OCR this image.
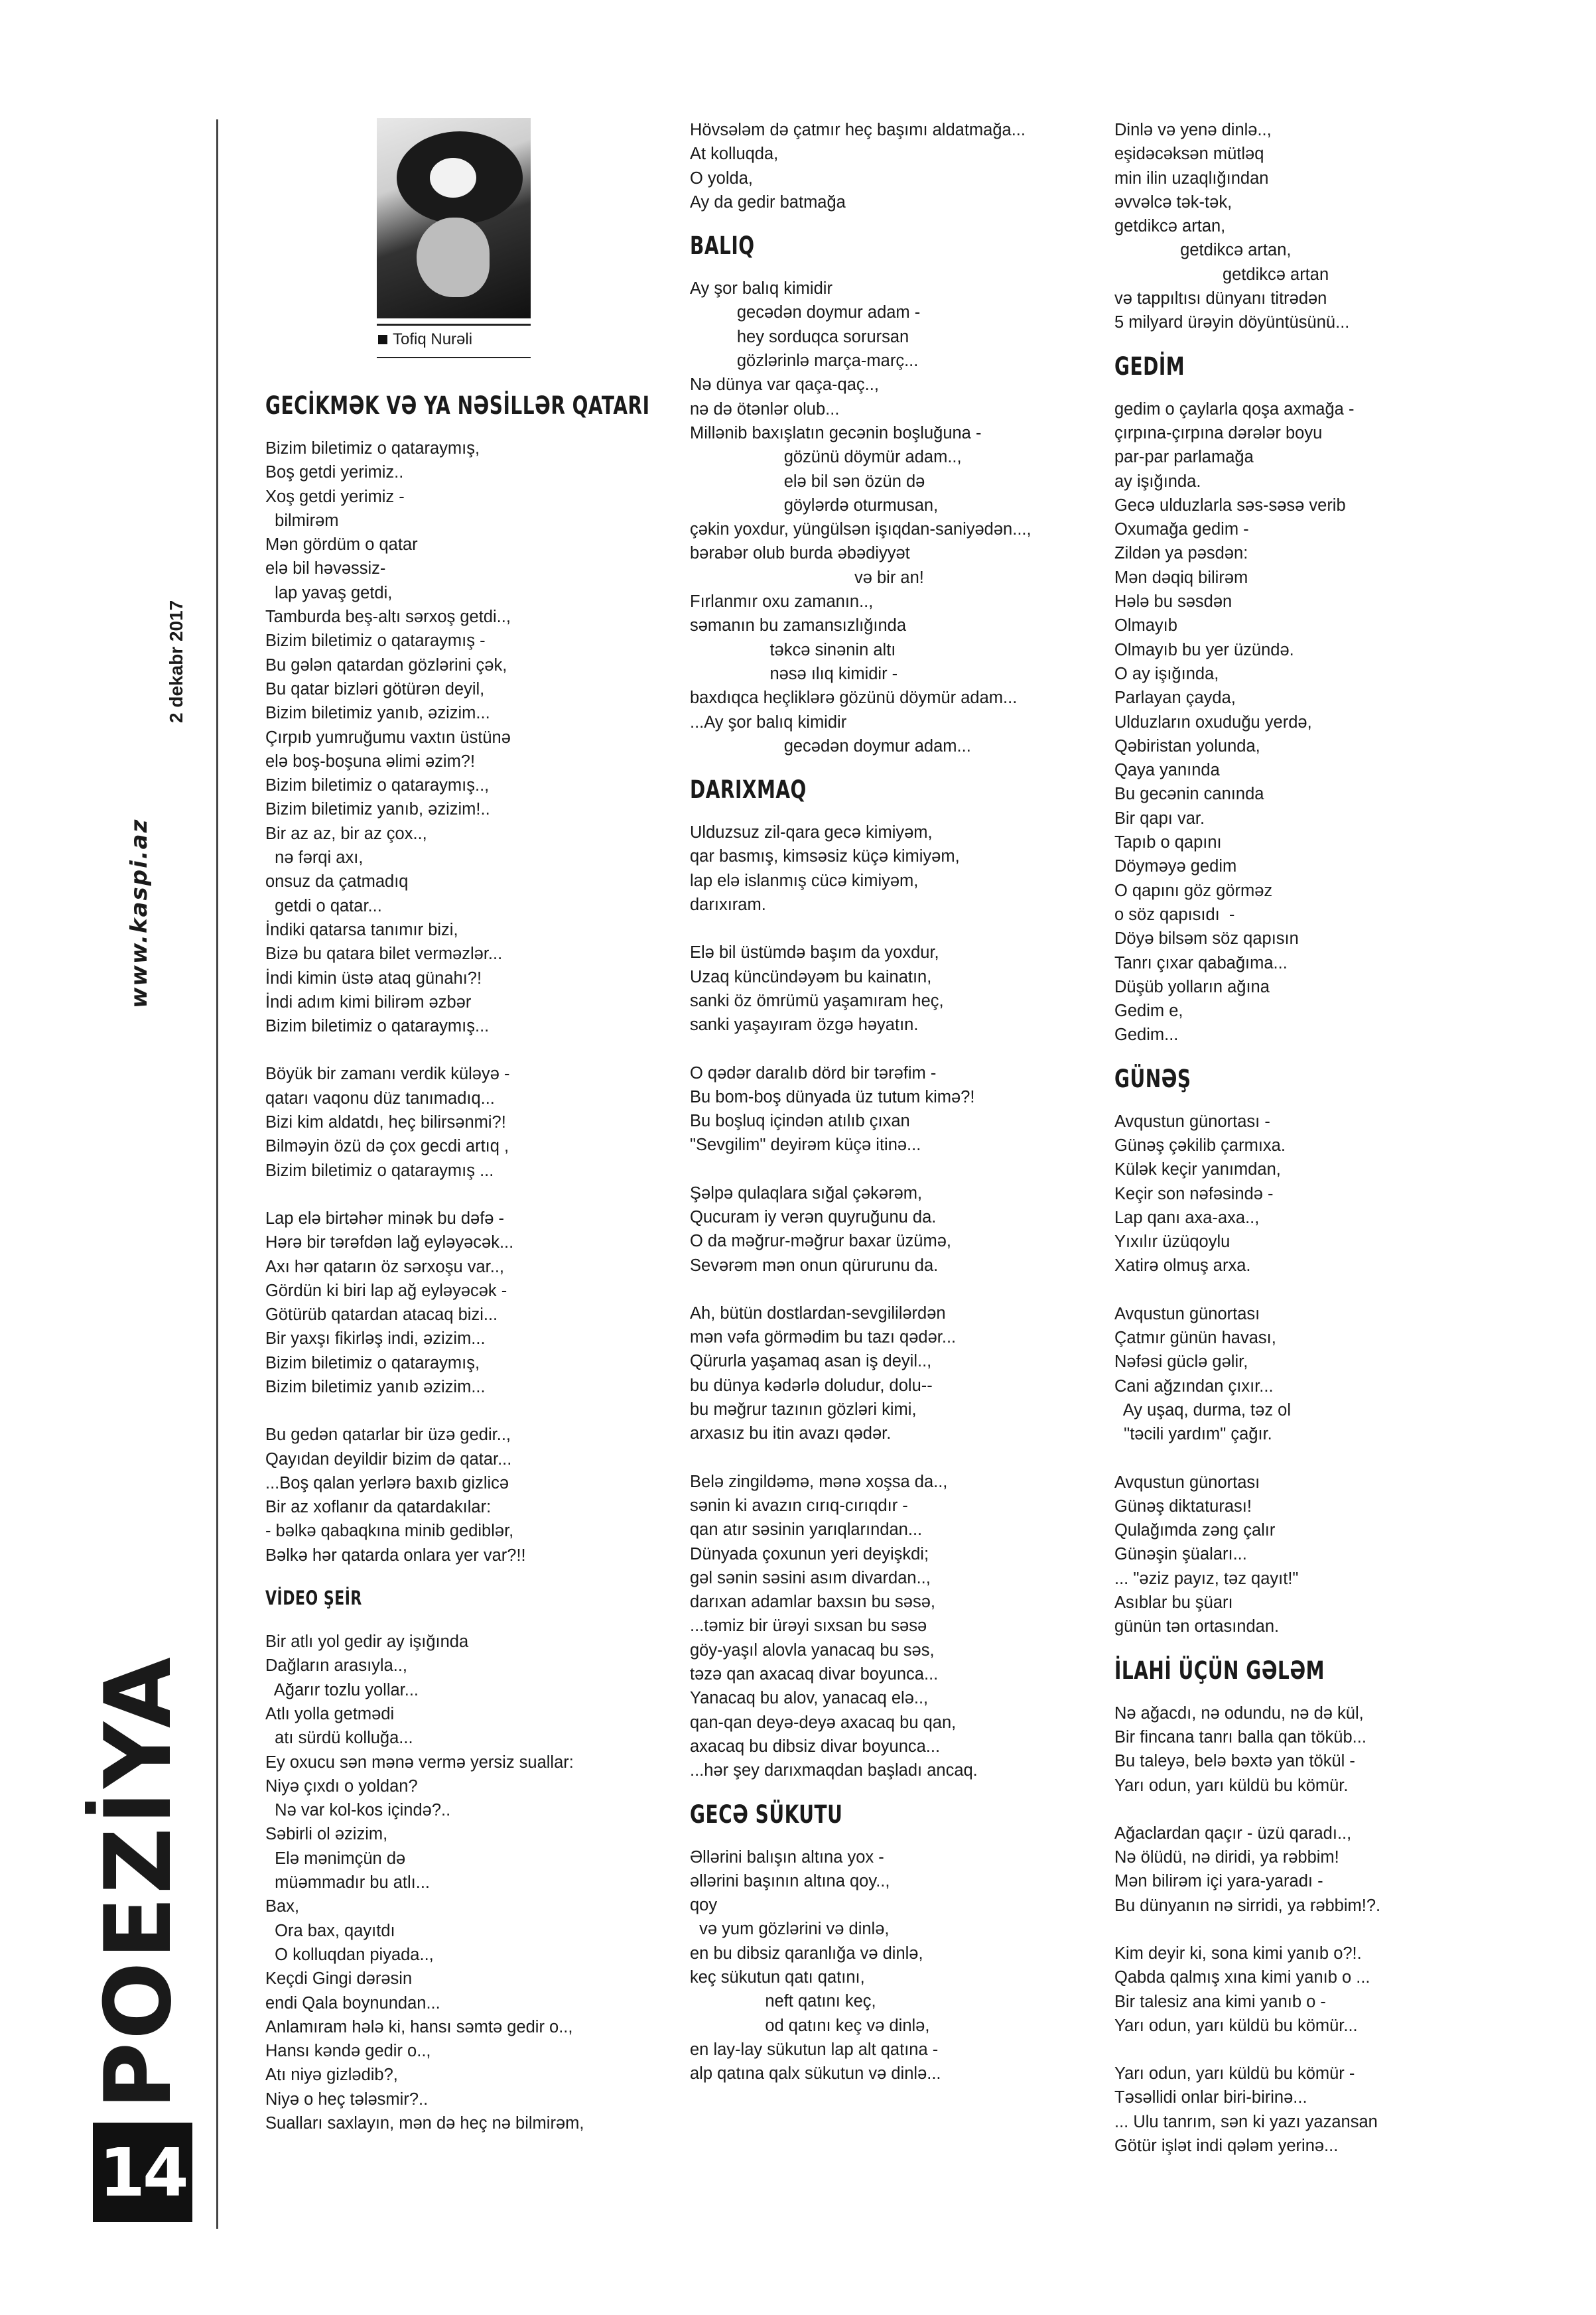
www.kaspi.az
2 dekabr 2017
POEZİYA
14
Tofiq Nurəli
GECİKMƏK VƏ YA NƏSİLLƏR QATARI
Bizim biletimiz o qataraymış,
Boş getdi yerimiz..
Xoş getdi yerimiz -
bilmirəm
Mən gördüm o qatar
elə bil həvəssiz-
lap yavaş getdi,
Tamburda beş-altı sərxoş getdi..,
Bizim biletimiz o qataraymış -
Bu gələn qatardan gözlərini çək,
Bu qatar bizləri götürən deyil,
Bizim biletimiz yanıb, əzizim...
Çırpıb yumruğumu vaxtın üstünə
elə boş-boşuna əlimi əzim?!
Bizim biletimiz o qataraymış..,
Bizim biletimiz yanıb, əzizim!..
Bir az az, bir az çox..,
nə fərqi axı,
onsuz da çatmadıq
getdi o qatar...
İndiki qatarsa tanımır bizi,
Bizə bu qatara bilet verməzlər...
İndi kimin üstə ataq günahı?!
İndi adım kimi bilirəm əzbər
Bizim biletimiz o qataraymış...
Böyük bir zamanı verdik küləyə -
qatarı vaqonu düz tanımadıq...
Bizi kim aldatdı, heç bilirsənmi?!
Bilməyin özü də çox gecdi artıq ,
Bizim biletimiz o qataraymış ...
Lap elə birtəhər minək bu dəfə -
Hərə bir tərəfdən lağ eyləyəcək...
Axı hər qatarın öz sərxoşu var..,
Gördün ki biri lap ağ eyləyəcək -
Götürüb qatardan atacaq bizi...
Bir yaxşı fikirləş indi, əzizim...
Bizim biletimiz o qataraymış,
Bizim biletimiz yanıb əzizim...
Bu gedən qatarlar bir üzə gedir..,
Qayıdan deyildir bizim də qatar...
...Boş qalan yerlərə baxıb gizlicə
Bir az xoflanır da qatardakılar:
- bəlkə qabaqkına minib gediblər,
Bəlkə hər qatarda onlara yer var?!!
VİDEO ŞEİR
Bir atlı yol gedir ay işığında
Dağların arasıyla..,
Ağarır tozlu yollar...
Atlı yolla getmədi
atı sürdü kolluğa...
Ey oxucu sən mənə vermə yersiz suallar:
Niyə çıxdı o yoldan?
Nə var kol-kos içində?..
Səbirli ol əzizim,
Elə mənimçün də
müəmmadır bu atlı...
Bax,
Ora bax, qayıtdı
O kolluqdan piyada..,
Keçdi Gingi dərəsin
endi Qala boynundan...
Anlamıram hələ ki, hansı səmtə gedir o..,
Hansı kəndə gedir o..,
Atı niyə gizlədib?,
Niyə o heç tələsmir?..
Sualları saxlayın, mən də heç nə bilmirəm,
Hövsələm də çatmır heç başımı aldatmağa...
At kolluqda,
O yolda,
Ay da gedir batmağa
BALIQ
Ay şor balıq kimidir
gecədən doymur adam -
hey sorduqca sorursan
gözlərinlə marça-març...
Nə dünya var qaça-qaç..,
nə də ötənlər olub...
Millənib baxışlatın gecənin boşluğuna -
gözünü döymür adam..,
elə bil sən özün də
göylərdə oturmusan,
çəkin yoxdur, yüngülsən işıqdan-saniyədən...,
bərabər olub burda əbədiyyət
və bir an!
Fırlanmır oxu zamanın..,
səmanın bu zamansızlığında
təkcə sinənin altı
nəsə ılıq kimidir -
baxdıqca heçliklərə gözünü döymür adam...
...Ay şor balıq kimidir
gecədən doymur adam...
DARIXMAQ
Ulduzsuz zil-qara gecə kimiyəm,
qar basmış, kimsəsiz küçə kimiyəm,
lap elə islanmış cücə kimiyəm,
darıxıram.
Elə bil üstümdə başım da yoxdur,
Uzaq küncündəyəm bu kainatın,
sanki öz ömrümü yaşamıram heç,
sanki yaşayıram özgə həyatın.
O qədər daralıb dörd bir tərəfim -
Bu bom-boş dünyada üz tutum kimə?!
Bu boşluq içindən atılıb çıxan
"Sevgilim" deyirəm küçə itinə...
Şəlpə qulaqlara sığal çəkərəm,
Qucuram iy verən quyruğunu da.
O da məğrur-məğrur baxar üzümə,
Sevərəm mən onun qürurunu da.
Ah, bütün dostlardan-sevgililərdən
mən vəfa görmədim bu tazı qədər...
Qürurla yaşamaq asan iş deyil..,
bu dünya kədərlə doludur, dolu--
bu məğrur tazının gözləri kimi,
arxasız bu itin avazı qədər.
Belə zingildəmə, mənə xoşsa da..,
sənin ki avazın cırıq-cırıqdır -
qan atır səsinin yarıqlarından...
Dünyada çoxunun yeri deyişkdi;
gəl sənin səsini asım divardan..,
darıxan adamlar baxsın bu səsə,
...təmiz bir ürəyi sıxsan bu səsə
göy-yaşıl alovla yanacaq bu səs,
təzə qan axacaq divar boyunca...
Yanacaq bu alov, yanacaq elə..,
qan-qan deyə-deyə axacaq bu qan,
axacaq bu dibsiz divar boyunca...
...hər şey darıxmaqdan başladı ancaq.
GECƏ SÜKUTU
Əllərini balışın altına yox -
əllərini başının altına qoy..,
qoy
və yum gözlərini və dinlə,
en bu dibsiz qaranlığa və dinlə,
keç sükutun qatı qatını,
neft qatını keç,
od qatını keç və dinlə,
en lay-lay sükutun lap alt qatına -
alp qatına qalx sükutun və dinlə...
Dinlə və yenə dinlə..,
eşidəcəksən mütləq
min ilin uzaqlığından
əvvəlcə tək-tək,
getdikcə artan,
getdikcə artan,
getdikcə artan
və tappıltısı dünyanı titrədən
5 milyard ürəyin döyüntüsünü...
GEDİM
gedim o çaylarla qoşa axmağa -
çırpına-çırpına dərələr boyu
par-par parlamağa
ay işığında.
Gecə ulduzlarla səs-səsə verib
Oxumağa gedim -
Zildən ya pəsdən:
Mən dəqiq bilirəm
Hələ bu səsdən
Olmayıb
Olmayıb bu yer üzündə.
O ay işığında,
Parlayan çayda,
Ulduzların oxuduğu yerdə,
Qəbiristan yolunda,
Qaya yanında
Bu gecənin canında
Bir qapı var.
Tapıb o qapını
Döyməyə gedim
O qapını göz görməz
o söz qapısıdı  -
Döyə bilsəm söz qapısın
Tanrı çıxar qabağıma...
Düşüb yolların ağına
Gedim e,
Gedim...
GÜNƏŞ
Avqustun günortası -
Günəş çəkilib çarmıxa.
Külək keçir yanımdan,
Keçir son nəfəsində -
Lap qanı axa-axa..,
Yıxılır üzüqoylu
Xatirə olmuş arxa.
Avqustun günortası
Çatmır günün havası,
Nəfəsi güclə gəlir,
Cani ağzından çıxır...
Ay uşaq, durma, təz ol
"təcili yardım" çağır.
Avqustun günortası
Günəş diktaturası!
Qulağımda zəng çalır
Günəşin şüaları...
... "əziz payız, təz qayıt!"
Asıblar bu şüarı
günün tən ortasından.
İLAHİ ÜÇÜN GƏLƏM
Nə ağacdı, nə odundu, nə də kül,
Bir fincana tanrı balla qan töküb...
Bu taleyə, belə bəxtə yan tökül -
Yarı odun, yarı küldü bu kömür.
Ağaclardan qaçır - üzü qaradı..,
Nə ölüdü, nə diridi, ya rəbbim!
Mən bilirəm içi yara-yaradı -
Bu dünyanın nə sirridi, ya rəbbim!?.
Kim deyir ki, sona kimi yanıb o?!.
Qabda qalmış xına kimi yanıb o ...
Bir talesiz ana kimi yanıb o -
Yarı odun, yarı küldü bu kömür...
Yarı odun, yarı küldü bu kömür -
Təsəllidi onlar biri-birinə...
... Ulu tanrım, sən ki yazı yazansan
Götür işlət indi qələm yerinə...
